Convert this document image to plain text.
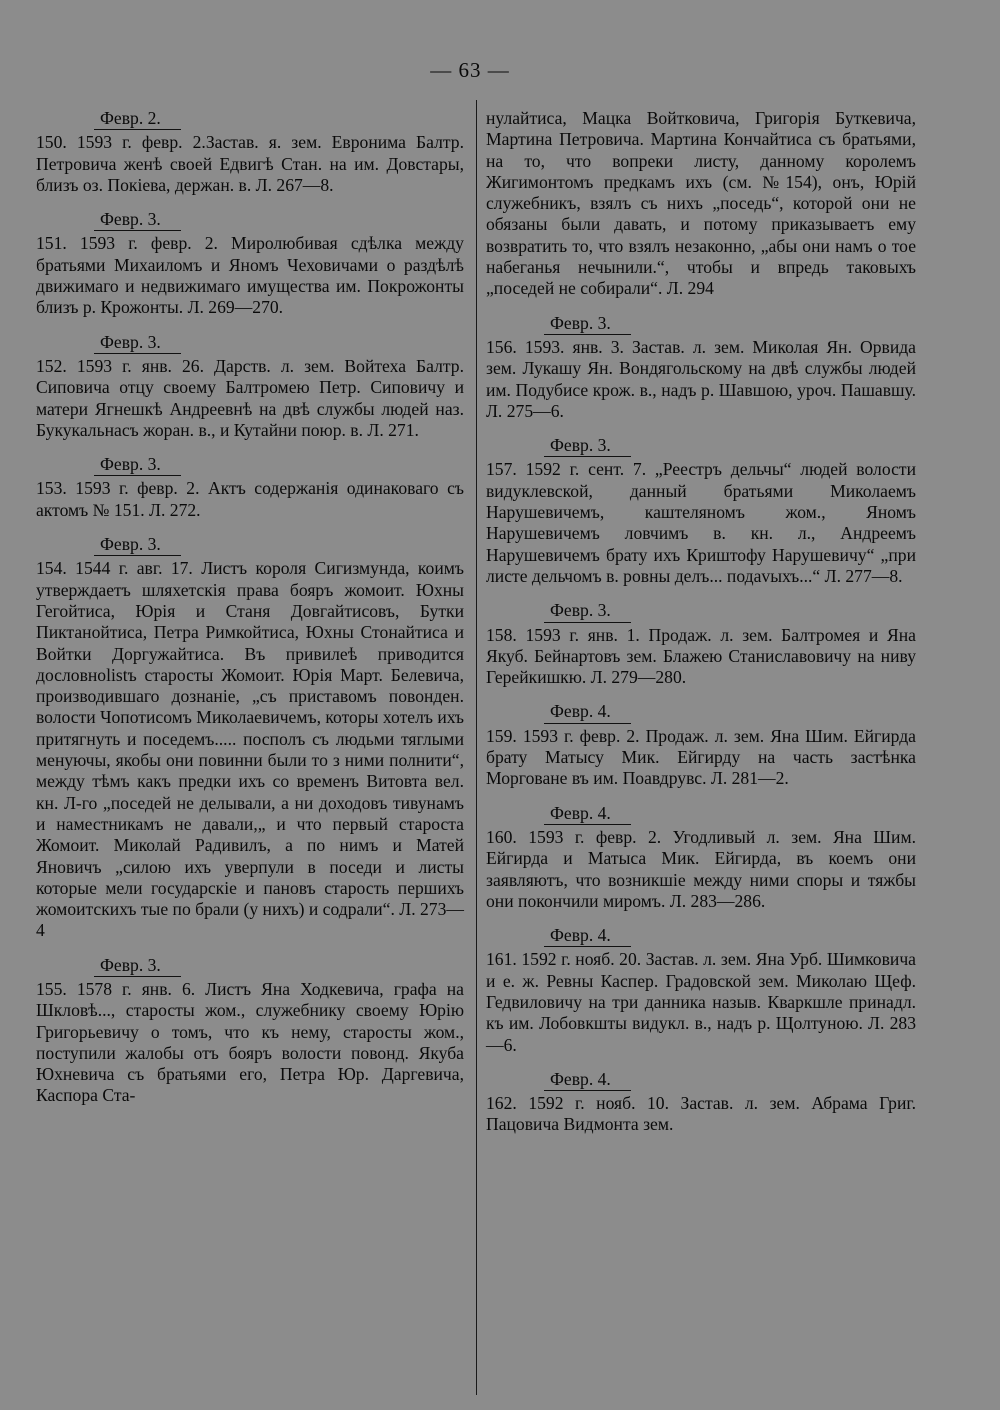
— 63 —
Февр. 2.
150. 1593 г. февр. 2.Застав. я. зем. Евронима Балтр. Петровича женѣ своей Едвигѣ Стан. на им. Довстары, близъ оз. Покiева, держан. в. Л. 267—8.
Февр. 3.
151. 1593 г. февр. 2. Миролюбивая сдѣлка между братьями Михаиломъ и Яномъ Чеховичами о раздѣлѣ движимаго и недвижимаго имущества им. Покрожонты близъ р. Крожонты. Л. 269—270.
Февр. 3.
152. 1593 г. янв. 26. Дарств. л. зем. Войтеха Балтр. Сиповича отцу своему Балтромею Петр. Сиповичу и матери Ягнешкѣ Андреевнѣ на двѣ службы людей наз. Букукальнасъ жоран. в., и Кутайни поюр. в. Л. 271.
Февр. 3.
153. 1593 г. февр. 2. Актъ содержанiя одинаковаго съ актомъ № 151. Л. 272.
Февр. 3.
154. 1544 г. авг. 17. Листъ короля Сигизмунда, коимъ утверждаетъ шляхетскiя права бояръ жомоит. Юхны Гегойтиса, Юрiя и Станя Довгайтисовъ, Бутки Пиктанойтиса, Петра Римкойтиса, Юхны Стонайтиса и Войтки Доргужайтиса. Въ привилеѣ приводится дословноlistъ старосты Жомоит. Юрiя Март. Белевича, производившаго дознанiе, „съ приставомъ повонден. волости Чопотисомъ Миколаевичемъ, которы хотелъ ихъ притягнуть и поседемъ..... посполъ съ людьми тяглыми менуючы, якобы они повинни были то з ними полнити“, между тѣмъ какъ предки ихъ со временъ Витовта вел. кн. Л-го „поседей не делывали, а ни доходовъ тивунамъ и наместникамъ не давали,„ и что первый староста Жомоит. Миколай Радивилъ, а по нимъ и Матей Яновичъ „силою ихъ уверпули в поседи и листы которые мели государскiе и пановъ старость першихъ жомоитскихъ тые по брали (у нихъ) и содрали“. Л. 273—4
Февр. 3.
155. 1578 г. янв. 6. Листъ Яна Ходкевича, графа на Шкловѣ..., старосты жом., служебнику своему Юрiю Григорьевичу о томъ, что къ нему, старосты жом., поступили жалобы отъ бояръ волости повонд. Якуба Юхневича съ братьями его, Петра Юр. Даргевича, Каспора Ста-
нулайтиса, Мацка Войтковича, Григорiя Буткевича, Мартина Петровича. Мартина Кончайтиса съ братьями, на то, что вопреки листу, данному королемъ Жигимонтомъ предкамъ ихъ (см. №154), онъ, Юрiй служебникъ, взялъ съ нихъ „поседь“, которой они не обязаны были давать, и потому приказываетъ ему возвратить то, что взялъ незаконно, „абы они намъ о тое набеганья нечынили.“, чтобы и впредь таковыхъ „поседей не собирали“. Л. 294
Февр. 3.
156. 1593. янв. 3. Застав. л. зем. Миколая Ян. Орвида зем. Лукашу Ян. Вондягольскому на двѣ службы людей им. Подубисе крож. в., надъ р. Шавшою, уроч. Пашавшу. Л. 275—6.
Февр. 3.
157. 1592 г. сент. 7. „Реестръ дельчы“ людей волости видуклевской, данный братьями Миколаемъ Нарушевичемъ, каштеляномъ жом., Яномъ Нарушевичемъ ловчимъ в. кн. л., Андреемъ Нарушевичемъ брату ихъ Криштофу Нарушевичу“ „при листе дельчомъ в. ровны делъ... подаvыхъ...“ Л. 277—8.
Февр. 3.
158. 1593 г. янв. 1. Продаж. л. зем. Балтромея и Яна Якуб. Бейнартовъ зем. Блажею Станиславовичу на ниву Герейкишкю. Л. 279—280.
Февр. 4.
159. 1593 г. февр. 2. Продаж. л. зем. Яна Шим. Ейгирда брату Матысу Мик. Ейгирду на часть застѣнка Морговане въ им. Поавдрувс. Л. 281—2.
Февр. 4.
160. 1593 г. февр. 2. Угодливый л. зем. Яна Шим. Ейгирда и Матыса Мик. Ейгирда, въ коемъ они заявляютъ, что возникшiе между ними споры и тяжбы они покончили миромъ. Л. 283—286.
Февр. 4.
161. 1592 г. нояб. 20. Застав. л. зем. Яна Урб. Шимковича и е. ж. Ревны Каспер. Градовской зем. Миколаю Щеф. Гедвиловичу на три данника назыв. Кваркшле принадл. къ им. Лобовкшты видукл. в., надъ р. Щолтуною. Л. 283—6.
Февр. 4.
162. 1592 г. нояб. 10. Застав. л. зем. Абрама Григ. Пацовича Видмонта зем.
